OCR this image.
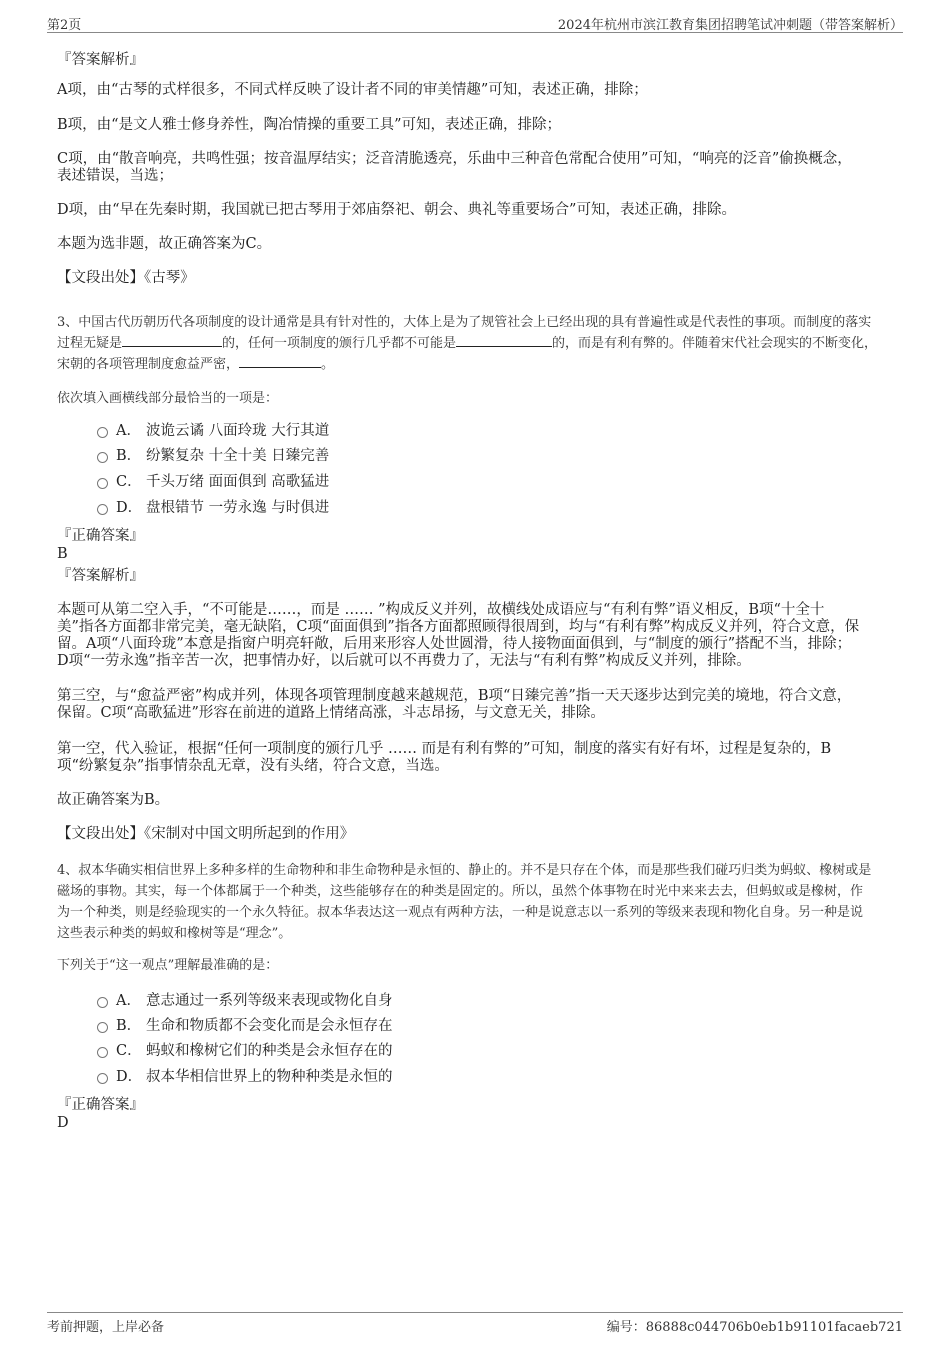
第2页	2024年杭州市滨江教育集团招聘笔试冲刺题（带答案解析）
『答案解析』
A项，由“古琴的式样很多，不同式样反映了设计者不同的审美情趣”可知，表述正确，排除；
B项，由“是文人雅士修身养性，陶冶情操的重要工具”可知，表述正确，排除；
C项，由“散音响亮，共鸣性强；按音温厚结实；泛音清脆透亮，乐曲中三种音色常配合使用”可知，“响亮的泛音”偷换概念，
表述错误，当选；
D项，由“早在先秦时期，我国就已把古琴用于郊庙祭祀、朝会、典礼等重要场合”可知，表述正确，排除。
本题为选非题，故正确答案为C。
【文段出处】《古琴》
3、中国古代历朝历代各项制度的设计通常是具有针对性的，大体上是为了规管社会上已经出现的具有普遍性或是代表性的事项。而制度的落实
过程无疑是	的，任何一项制度的颁行几乎都不可能是	的，而是有利有弊的。伴随着宋代社会现实的不断变化，
宋朝的各项管理制度愈益严密，	。
依次填入画横线部分最恰当的一项是：
A． 波诡云谲 八面玲珑 大行其道
B． 纷繁复杂 十全十美 日臻完善
C． 千头万绪 面面俱到 高歌猛进
D． 盘根错节 一劳永逸 与时俱进
『正确答案』
B
『答案解析』
本题可从第二空入手，“不可能是……，而是 …… ”构成反义并列，故横线处成语应与“有利有弊”语义相反，B项“十全十
美”指各方面都非常完美，毫无缺陷，C项“面面俱到”指各方面都照顾得很周到，均与“有利有弊”构成反义并列，符合文意，保
留。A项“八面玲珑”本意是指窗户明亮轩敞，后用来形容人处世圆滑，待人接物面面俱到，与“制度的颁行”搭配不当，排除；
D项“一劳永逸”指辛苦一次，把事情办好，以后就可以不再费力了，无法与“有利有弊”构成反义并列，排除。
第三空，与“愈益严密”构成并列，体现各项管理制度越来越规范，B项“日臻完善”指一天天逐步达到完美的境地，符合文意，
保留。C项“高歌猛进”形容在前进的道路上情绪高涨，斗志昂扬，与文意无关，排除。
第一空，代入验证，根据“任何一项制度的颁行几乎 …… 而是有利有弊的”可知，制度的落实有好有坏，过程是复杂的，B
项“纷繁复杂”指事情杂乱无章，没有头绪，符合文意，当选。
故正确答案为B。
【文段出处】《宋制对中国文明所起到的作用》
4、叔本华确实相信世界上多种多样的生命物种和非生命物种是永恒的、静止的。并不是只存在个体，而是那些我们碰巧归类为蚂蚁、橡树或是
磁场的事物。其实，每一个体都属于一个种类，这些能够存在的种类是固定的。所以，虽然个体事物在时光中来来去去，但蚂蚁或是橡树，作
为一个种类，则是经验现实的一个永久特征。叔本华表达这一观点有两种方法，一种是说意志以一系列的等级来表现和物化自身。另一种是说
这些表示种类的蚂蚁和橡树等是“理念”。
下列关于“这一观点”理解最准确的是：
A． 意志通过一系列等级来表现或物化自身
B． 生命和物质都不会变化而是会永恒存在
C． 蚂蚁和橡树它们的种类是会永恒存在的
D． 叔本华相信世界上的物种种类是永恒的
『正确答案』
D
考前押题，上岸必备	编号：86888c044706b0eb1b91101facaeb721
